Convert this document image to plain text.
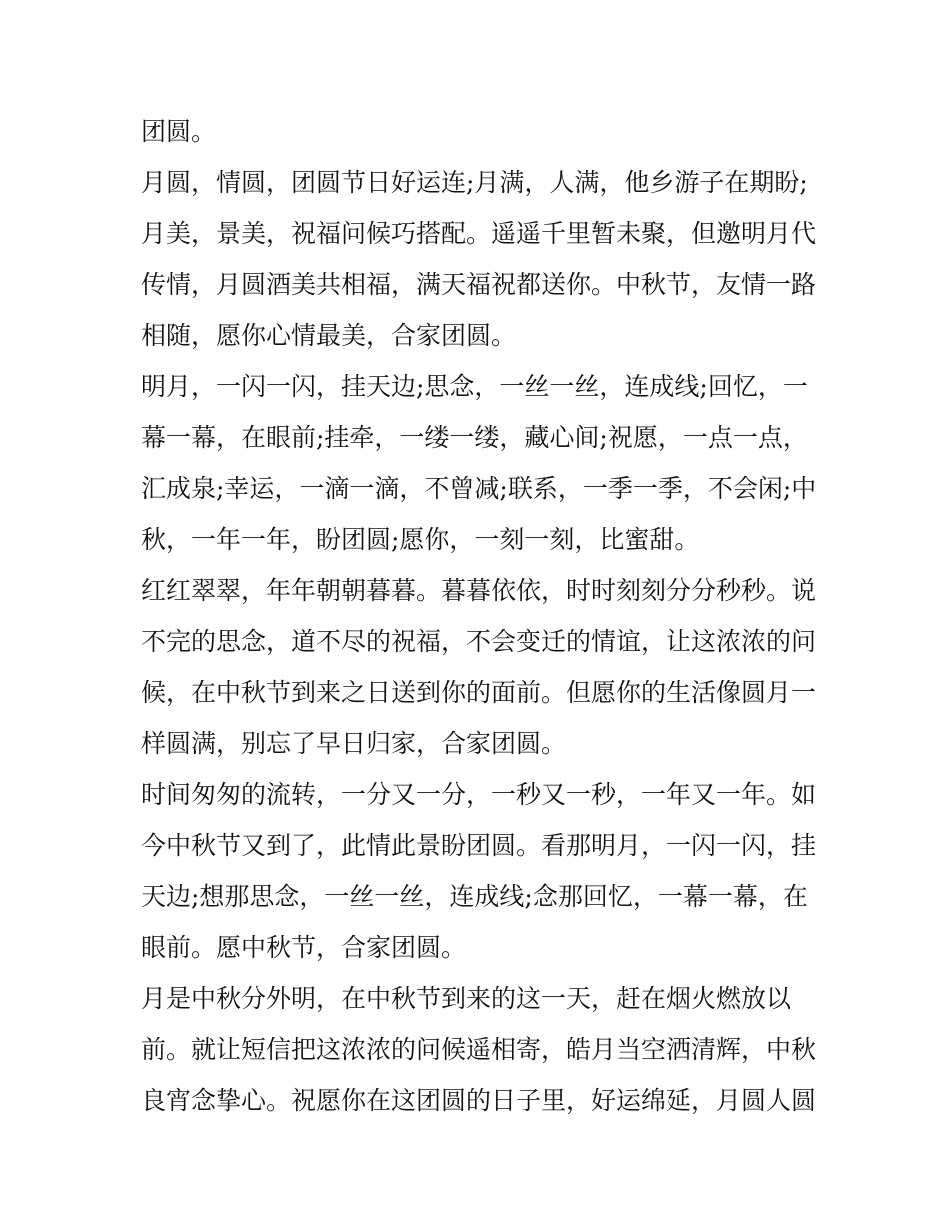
团圆。

月圆，情圆，团圆节日好运连;月满，人满，他乡游子在期盼;

月美，景美，祝福问候巧搭配。遥遥千里暂未聚，但邀明月代

传情，月圆酒美共相福，满天福祝都送你。中秋节，友情一路

相随，愿你心情最美，合家团圆。

明月，一闪一闪，挂天边;思念，一丝一丝，连成线;回忆，一

幕一幕，在眼前;挂牵，一缕一缕，藏心间;祝愿，一点一点，

汇成泉;幸运，一滴一滴，不曾减;联系，一季一季，不会闲;中

秋，一年一年，盼团圆;愿你，一刻一刻，比蜜甜。

红红翠翠，年年朝朝暮暮。暮暮依依，时时刻刻分分秒秒。说

不完的思念，道不尽的祝福，不会变迁的情谊，让这浓浓的问

候，在中秋节到来之日送到你的面前。但愿你的生活像圆月一

样圆满，别忘了早日归家，合家团圆。

时间匆匆的流转，一分又一分，一秒又一秒，一年又一年。如

今中秋节又到了，此情此景盼团圆。看那明月，一闪一闪，挂

天边;想那思念，一丝一丝，连成线;念那回忆，一幕一幕，在

眼前。愿中秋节，合家团圆。

月是中秋分外明，在中秋节到来的这一天，赶在烟火燃放以

前。就让短信把这浓浓的问候遥相寄，皓月当空洒清辉，中秋

良宵念挚心。祝愿你在这团圆的日子里，好运绵延，月圆人圆
